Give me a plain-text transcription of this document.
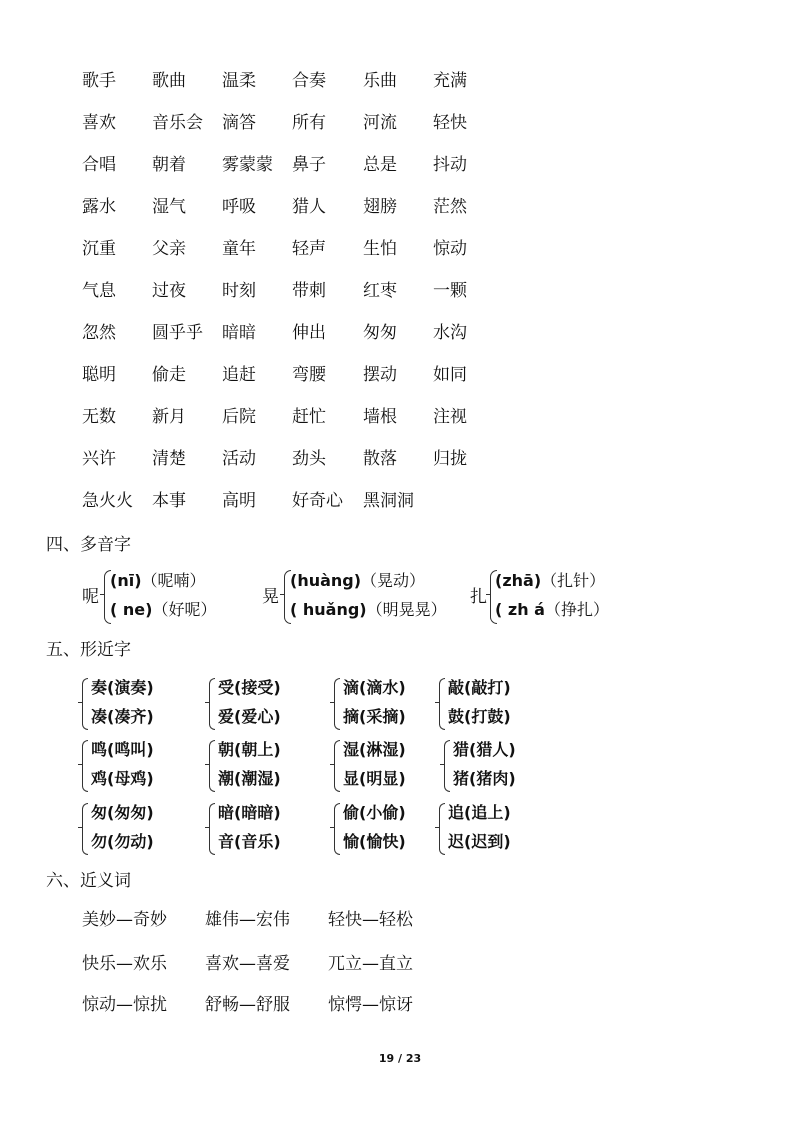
歌手 歌曲 温柔 合奏 乐曲 充满
喜欢 音乐会 滴答 所有 河流 轻快
合唱 朝着 雾蒙蒙 鼻子 总是 抖动
露水 湿气 呼吸 猎人 翅膀 茫然
沉重 父亲 童年 轻声 生怕 惊动
气息 过夜 时刻 带刺 红枣 一颗
忽然 圆乎乎 暗暗 伸出 匆匆 水沟
聪明 偷走 追赶 弯腰 摆动 如同
无数 新月 后院 赶忙 墙根 注视
兴许 清楚 活动 劲头 散落 归拢
急火火 本事 高明 好奇心 黑洞洞
四、多音字
呢
(nī)（呢喃）
( ne)（好呢）
晃
(huàng)（晃动）
( huǎng)（明晃晃）
扎
(zhā)（扎针）
( zh á（挣扎）
五、形近字
奏(演奏)
凑(凑齐)
受(接受)
爱(爱心)
滴(滴水)
摘(采摘)
敲(敲打)
鼓(打鼓)
鸣(鸣叫)
鸡(母鸡)
朝(朝上)
潮(潮湿)
湿(淋湿)
显(明显)
猎(猎人)
猪(猪肉)
匆(匆匆)
勿(勿动)
暗(暗暗)
音(音乐)
偷(小偷)
愉(愉快)
追(追上)
迟(迟到)
六、近义词
美妙—奇妙 雄伟—宏伟 轻快—轻松
快乐—欢乐 喜欢—喜爱 兀立—直立
惊动—惊扰 舒畅—舒服 惊愕—惊讶
19 / 23
